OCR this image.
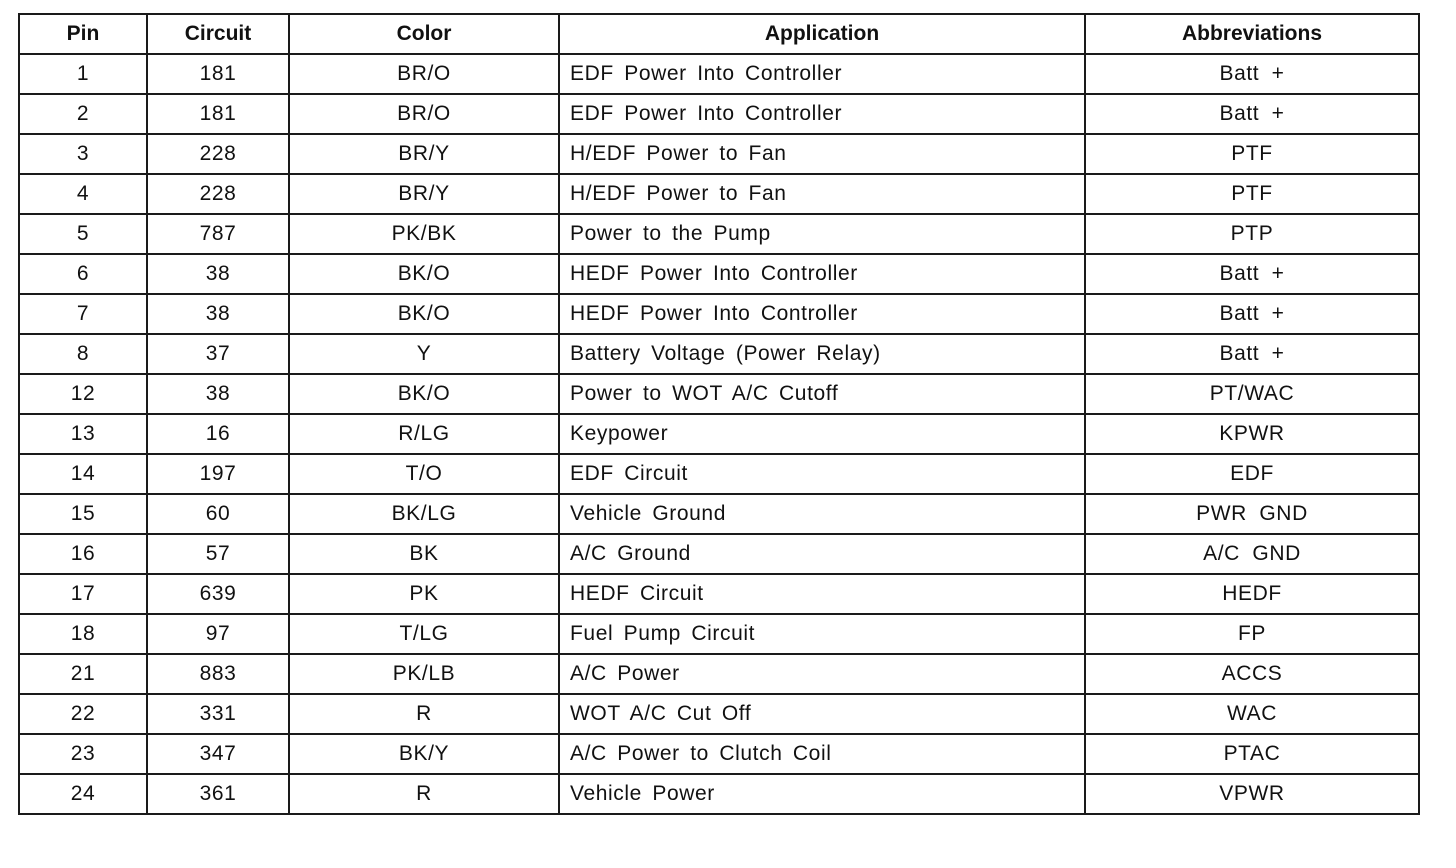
Pin	Circuit	Color	Application	Abbreviations
1	181	BR/O	EDF Power Into Controller	Batt +
2	181	BR/O	EDF Power Into Controller	Batt +
3	228	BR/Y	H/EDF Power to Fan	PTF
4	228	BR/Y	H/EDF Power to Fan	PTF
5	787	PK/BK	Power to the Pump	PTP
6	38	BK/O	HEDF Power Into Controller	Batt +
7	38	BK/O	HEDF Power Into Controller	Batt +
8	37	Y	Battery Voltage (Power Relay)	Batt +
12	38	BK/O	Power to WOT A/C Cutoff	PT/WAC
13	16	R/LG	Keypower	KPWR
14	197	T/O	EDF Circuit	EDF
15	60	BK/LG	Vehicle Ground	PWR GND
16	57	BK	A/C Ground	A/C GND
17	639	PK	HEDF Circuit	HEDF
18	97	T/LG	Fuel Pump Circuit	FP
21	883	PK/LB	A/C Power	ACCS
22	331	R	WOT A/C Cut Off	WAC
23	347	BK/Y	A/C Power to Clutch Coil	PTAC
24	361	R	Vehicle Power	VPWR
